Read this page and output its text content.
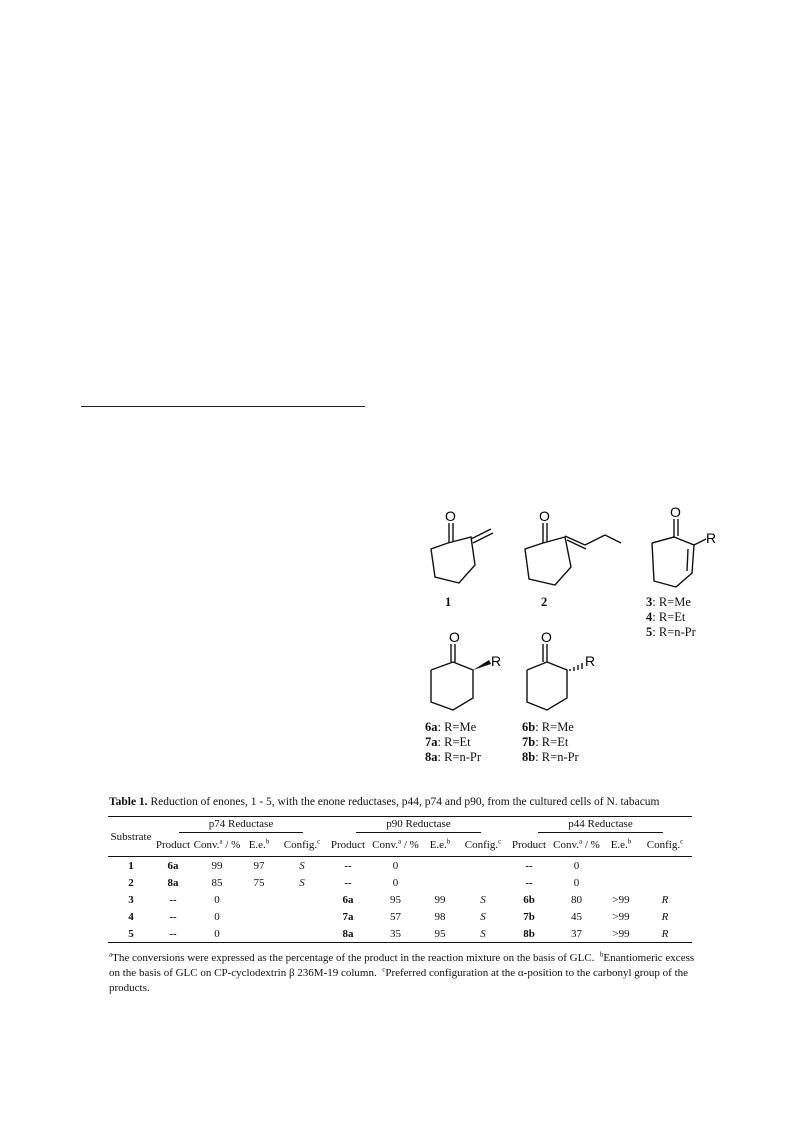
O
1
O
2
O
R
3: R=Me
4: R=Et
5: R=n-Pr
O
R
6a: R=Me
7a: R=Et
8a: R=n-Pr
O
R
6b: R=Me
7b: R=Et
8b: R=n-Pr
Table 1. Reduction of enones, 1 - 5, with the enone reductases, p44, p74 and p90, from the cultured cells of N. tabacum

Substrate	p74 Reductase				p90 Reductase				p44 Reductase			
	Product	Conv.$^a$ / %	E.e.$^b$	Config.$^c$	Product	Conv.$^a$ / %	E.e.$^b$	Config.$^c$	Product	Conv.$^a$ / %	E.e.$^b$	Config.$^c$

1	6a	99	97	S	--	0			--	0		
2	8a	85	75	S	--	0			--	0		
3	--	0			6a	95	99	S	6b	80	>99	R
4	--	0			7a	57	98	S	7b	45	>99	R
5	--	0			8a	35	95	S	8b	37	>99	R

$^a$The conversions were expressed as the percentage of the product in the reaction mixture on the basis of GLC. $^b$Enantiomeric excess on the basis of GLC on CP-cyclodextrin β 236M-19 column. $^c$Preferred configuration at the α-position to the carbonyl group of the products.
